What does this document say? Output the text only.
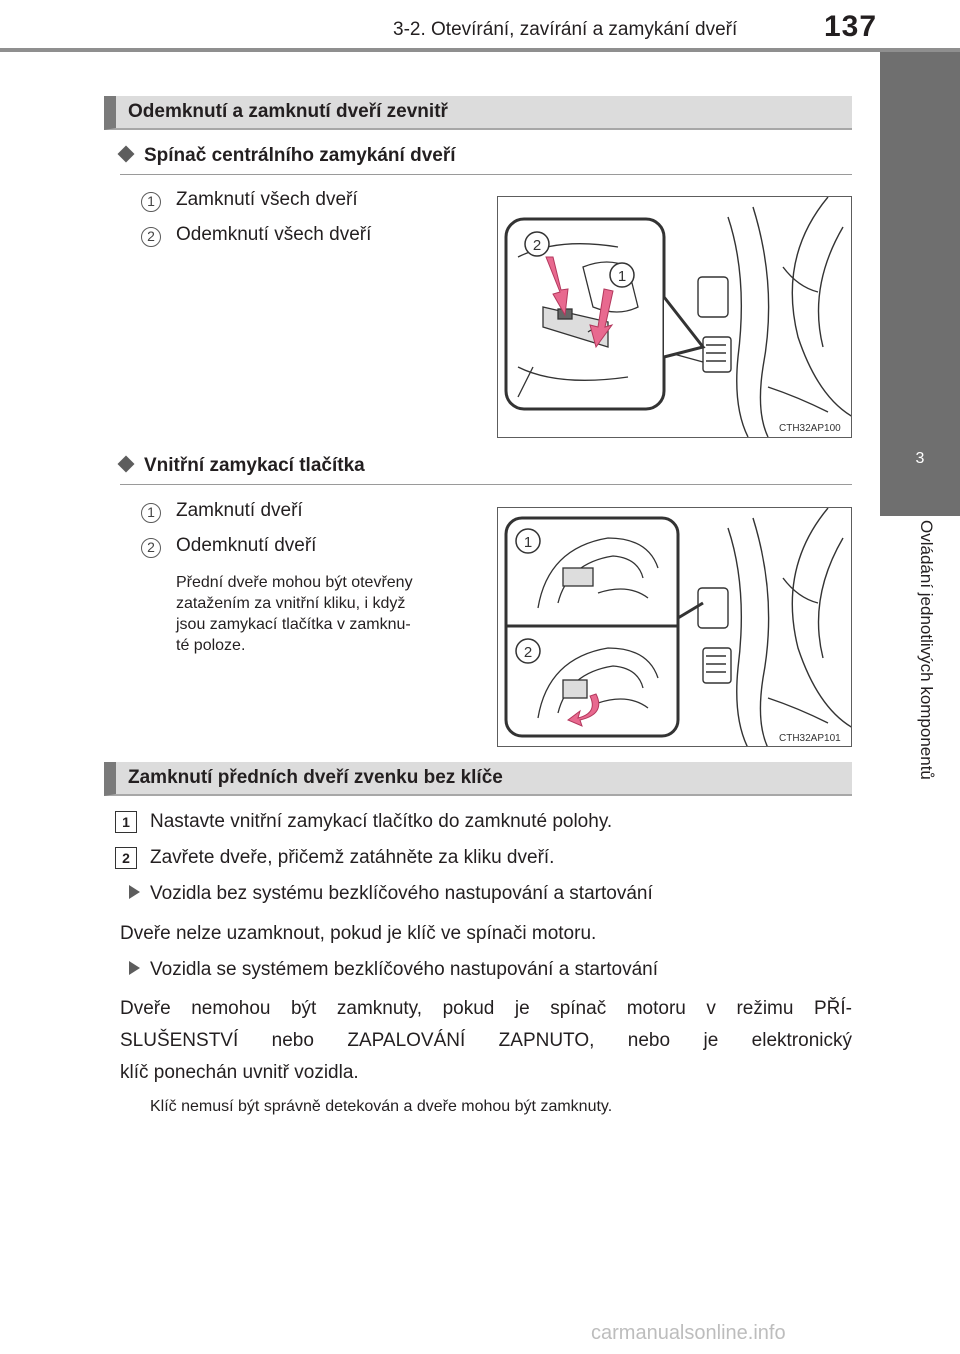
3-2. Otevírání, zavírání a zamykání dveří	137
3
Ovládání jednotlivých komponentů
Odemknutí a zamknutí dveří zevnitř
Spínač centrálního zamykání dveří
1	Zamknutí všech dveří
2	Odemknutí všech dveří
2
1
CTH32AP100
Vnitřní zamykací tlačítka
1	Zamknutí dveří
2	Odemknutí dveří
Přední dveře mohou být otevřeny
zatažením za vnitřní kliku, i když
jsou zamykací tlačítka v zamknu-
té poloze.
1
2
CTH32AP101
Zamknutí předních dveří zvenku bez klíče
1	Nastavte vnitřní zamykací tlačítko do zamknuté polohy.
2	Zavřete dveře, přičemž zatáhněte za kliku dveří.
Vozidla bez systému bezklíčového nastupování a startování
Dveře nelze uzamknout, pokud je klíč ve spínači motoru.
Vozidla se systémem bezklíčového nastupování a startování
Dveře nemohou být zamknuty, pokud je spínač motoru v režimu PŘÍ-
SLUŠENSTVÍ nebo ZAPALOVÁNÍ ZAPNUTO, nebo je elektronický
klíč ponechán uvnitř vozidla.
Klíč nemusí být správně detekován a dveře mohou být zamknuty.
carmanualsonline.info
